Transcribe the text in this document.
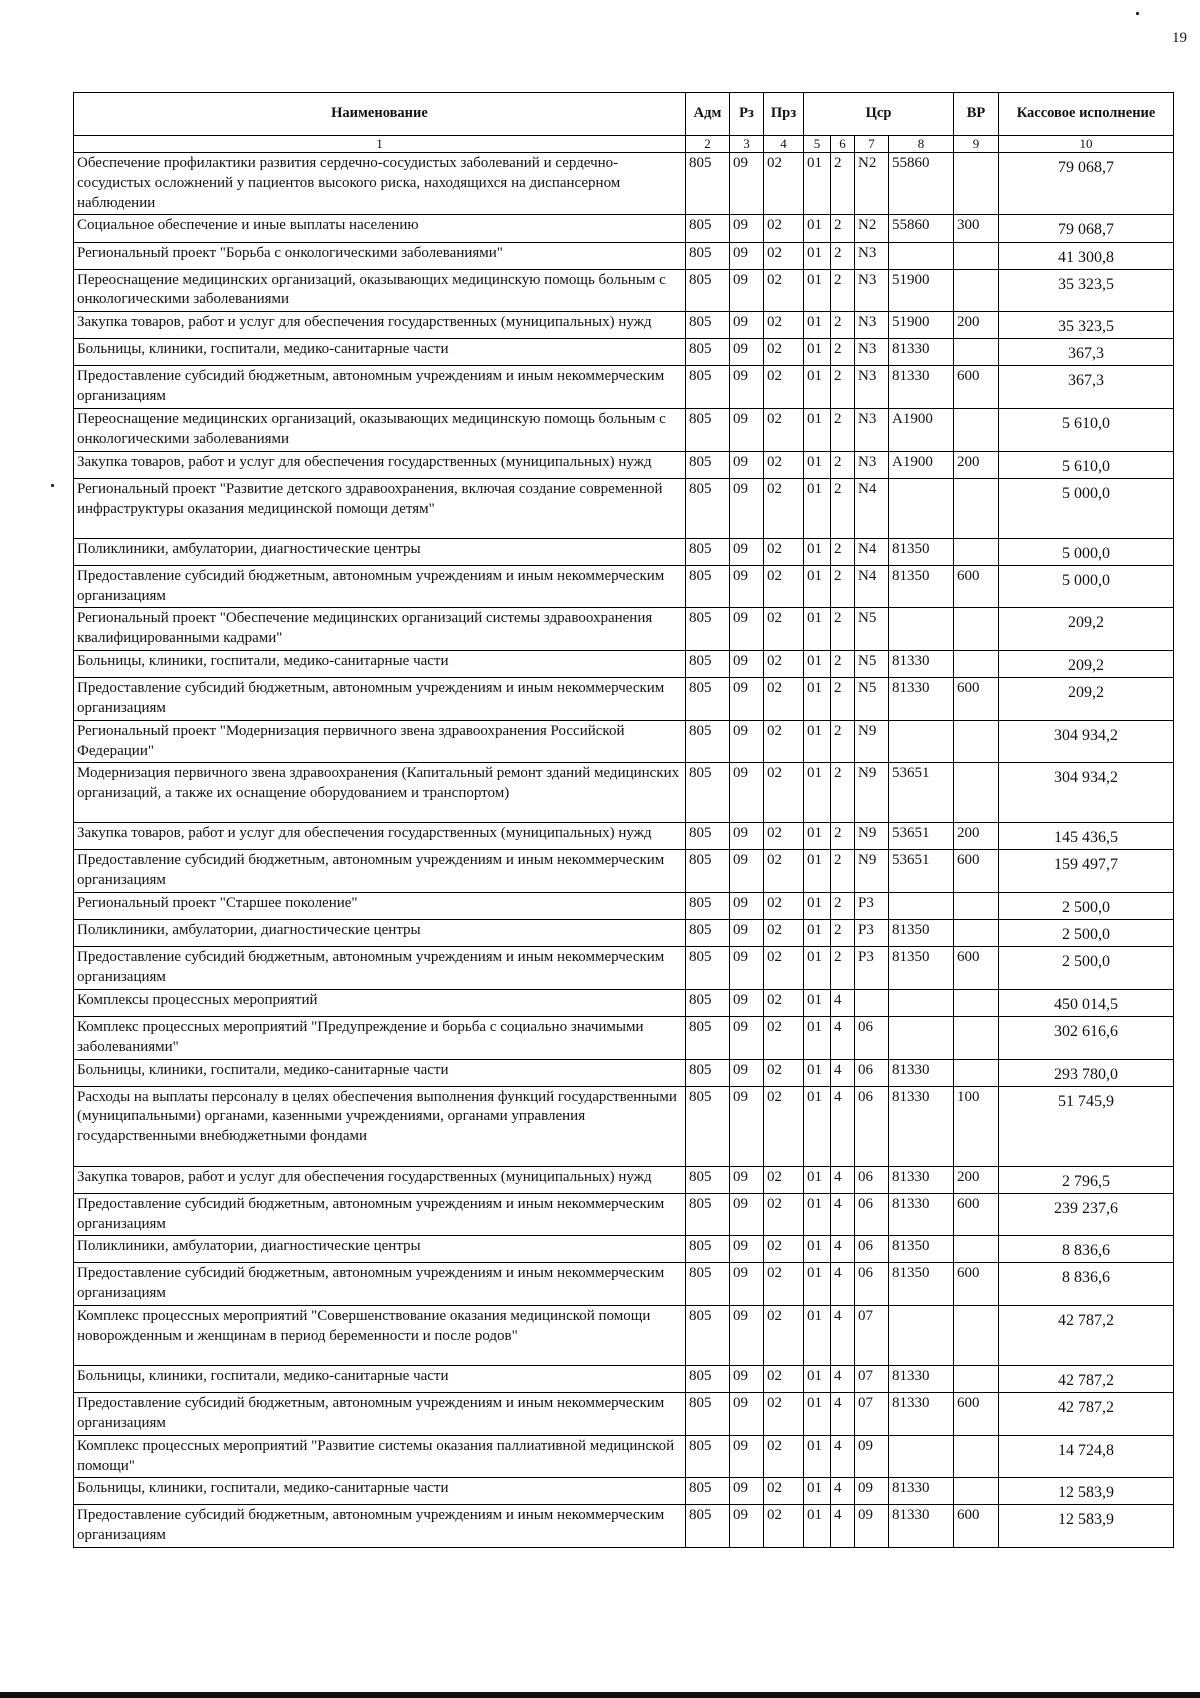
19
Наименование	Адм	Рз	Прз	Цср				ВР	Кассовое исполнение
1	2	3	4	5	6	7	8	9	10
Обеспечение профилактики развития сердечно-сосудистых заболеваний и сердечно-сосудистых осложнений у пациентов высокого риска, находящихся на диспансерном наблюдении	805	09	02	01	2	N2	55860		79 068,7
Социальное обеспечение и иные выплаты населению	805	09	02	01	2	N2	55860	300	79 068,7
Региональный проект "Борьба с онкологическими заболеваниями"	805	09	02	01	2	N3			41 300,8
Переоснащение медицинских организаций, оказывающих медицинскую помощь больным с онкологическими заболеваниями	805	09	02	01	2	N3	51900		35 323,5
Закупка товаров, работ и услуг для обеспечения государственных (муниципальных) нужд	805	09	02	01	2	N3	51900	200	35 323,5
Больницы, клиники, госпитали, медико-санитарные части	805	09	02	01	2	N3	81330		367,3
Предоставление субсидий бюджетным, автономным учреждениям и иным некоммерческим организациям	805	09	02	01	2	N3	81330	600	367,3
Переоснащение медицинских организаций, оказывающих медицинскую помощь больным с онкологическими заболеваниями	805	09	02	01	2	N3	A1900		5 610,0
Закупка товаров, работ и услуг для обеспечения государственных (муниципальных) нужд	805	09	02	01	2	N3	A1900	200	5 610,0
Региональный проект "Развитие детского здравоохранения, включая создание современной инфраструктуры оказания медицинской помощи детям"	805	09	02	01	2	N4			5 000,0
Поликлиники, амбулатории, диагностические центры	805	09	02	01	2	N4	81350		5 000,0
Предоставление субсидий бюджетным, автономным учреждениям и иным некоммерческим организациям	805	09	02	01	2	N4	81350	600	5 000,0
Региональный проект "Обеспечение медицинских организаций системы здравоохранения квалифицированными кадрами"	805	09	02	01	2	N5			209,2
Больницы, клиники, госпитали, медико-санитарные части	805	09	02	01	2	N5	81330		209,2
Предоставление субсидий бюджетным, автономным учреждениям и иным некоммерческим организациям	805	09	02	01	2	N5	81330	600	209,2
Региональный проект "Модернизация первичного звена здравоохранения Российской Федерации"	805	09	02	01	2	N9			304 934,2
Модернизация первичного звена здравоохранения (Капитальный ремонт зданий медицинских организаций, а также их оснащение оборудованием и транспортом)	805	09	02	01	2	N9	53651		304 934,2
Закупка товаров, работ и услуг для обеспечения государственных (муниципальных) нужд	805	09	02	01	2	N9	53651	200	145 436,5
Предоставление субсидий бюджетным, автономным учреждениям и иным некоммерческим организациям	805	09	02	01	2	N9	53651	600	159 497,7
Региональный проект "Старшее поколение"	805	09	02	01	2	P3			2 500,0
Поликлиники, амбулатории, диагностические центры	805	09	02	01	2	P3	81350		2 500,0
Предоставление субсидий бюджетным, автономным учреждениям и иным некоммерческим организациям	805	09	02	01	2	P3	81350	600	2 500,0
Комплексы процессных мероприятий	805	09	02	01	4				450 014,5
Комплекс процессных мероприятий "Предупреждение и борьба с социально значимыми заболеваниями"	805	09	02	01	4	06			302 616,6
Больницы, клиники, госпитали, медико-санитарные части	805	09	02	01	4	06	81330		293 780,0
Расходы на выплаты персоналу в целях обеспечения выполнения функций государственными (муниципальными) органами, казенными учреждениями, органами управления государственными внебюджетными фондами	805	09	02	01	4	06	81330	100	51 745,9
Закупка товаров, работ и услуг для обеспечения государственных (муниципальных) нужд	805	09	02	01	4	06	81330	200	2 796,5
Предоставление субсидий бюджетным, автономным учреждениям и иным некоммерческим организациям	805	09	02	01	4	06	81330	600	239 237,6
Поликлиники, амбулатории, диагностические центры	805	09	02	01	4	06	81350		8 836,6
Предоставление субсидий бюджетным, автономным учреждениям и иным некоммерческим организациям	805	09	02	01	4	06	81350	600	8 836,6
Комплекс процессных мероприятий "Совершенствование оказания медицинской помощи новорожденным и женщинам в период беременности и после родов"	805	09	02	01	4	07			42 787,2
Больницы, клиники, госпитали, медико-санитарные части	805	09	02	01	4	07	81330		42 787,2
Предоставление субсидий бюджетным, автономным учреждениям и иным некоммерческим организациям	805	09	02	01	4	07	81330	600	42 787,2
Комплекс процессных мероприятий "Развитие системы оказания паллиативной медицинской помощи"	805	09	02	01	4	09			14 724,8
Больницы, клиники, госпитали, медико-санитарные части	805	09	02	01	4	09	81330		12 583,9
Предоставление субсидий бюджетным, автономным учреждениям и иным некоммерческим организациям	805	09	02	01	4	09	81330	600	12 583,9
